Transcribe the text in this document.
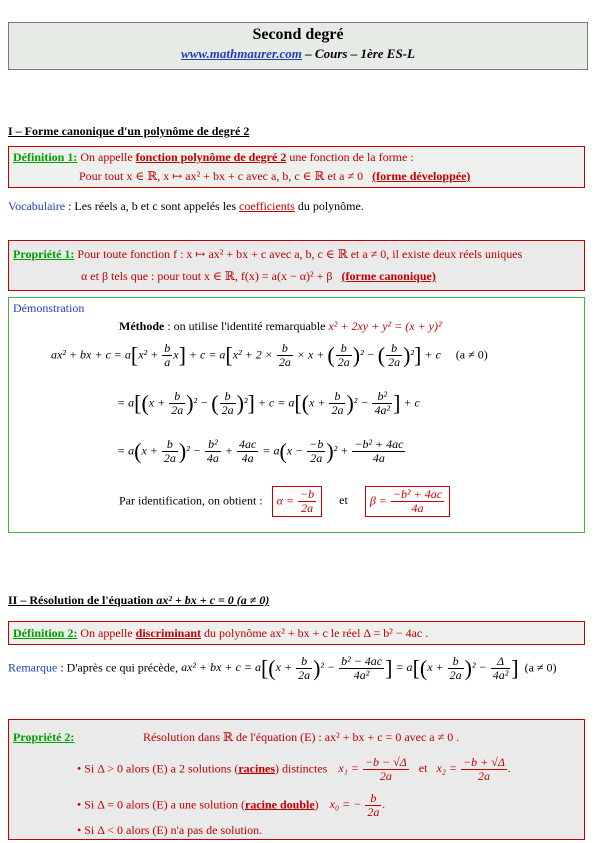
Second degré
www.mathmaurer.com – Cours – 1ère ES-L
I – Forme canonique d'un polynôme de degré 2
Définition 1: On appelle fonction polynôme de degré 2 une fonction de la forme :
Pour tout x ∈ ℝ, x ↦ ax² + bx + c avec a, b, c ∈ ℝ et a ≠ 0 (forme développée)
Vocabulaire : Les réels a, b et c sont appelés les coefficients du polynôme.
Propriété 1: Pour toute fonction f : x ↦ ax² + bx + c avec a, b, c ∈ ℝ et a ≠ 0, il existe deux réels uniques
α et β tels que : pour tout x ∈ ℝ, f(x) = a(x − α)² + β (forme canonique)
Démonstration
Méthode : on utilise l'identité remarquable x² + 2xy + y² = (x + y)²
ax² + bx + $c = a[x^2 + \frac{b}{a} x] + c = a[x^2 + 2 \times \frac{b}{2a} \times x$ + ( $\frac{b}{2a} )^2$ − ( $\frac{b}{2a} )^2] + c$     (a ≠ 0)
= $a[(x + \frac{b}{2a} )^2$ − ( $\frac{b}{2a} )^2] + c = a[(x + \frac{b}{2a} )^2 - \frac{\text{b²}}{\text{4a²}}$ ] + c
= $a(x + \frac{b}{2a} )^2 - \frac{\text{b²}}{4a} + \frac{4ac}{4a} = a(x - \frac{-b}{2a} )^2 + \frac{\text{−b² + 4ac}}{4a}$
Par identification, on obtient : $\alpha = \frac{-b}{2a}$ et $\beta = \frac{\text{−b² + 4ac}}{4a}$
II – Résolution de l'équation ax² + bx + c = 0 (a ≠ 0)
Définition 2: On appelle discriminant du polynôme ax² + bx + c le réel Δ = b² − 4ac .
Remarque : D'après ce qui précède, ax² + bx + $c = a[(x + \frac{b}{2a} )^2 - \frac{\text{b² − 4ac}}{\text{4a²}}$ ] = $a[(x + \frac{b}{2a} )^2 - \frac{\Delta}{\text{4a²}}$ ] (a ≠ 0)
Propriété 2:	Résolution dans ℝ de l'équation (E) : ax² + bx + c = 0 avec a ≠ 0 .
• Si Δ > 0 alors (E) a 2 solutions (racines) distinctes $x_1 = \frac{-b - √\Delta}{2a}$ et $x_2 = \frac{-b + √\Delta}{2a}$ .
• Si Δ = 0 alors (E) a une solution (racine double) x₀ = − $\frac{b}{2a}$ .
• Si Δ < 0 alors (E) n'a pas de solution.
